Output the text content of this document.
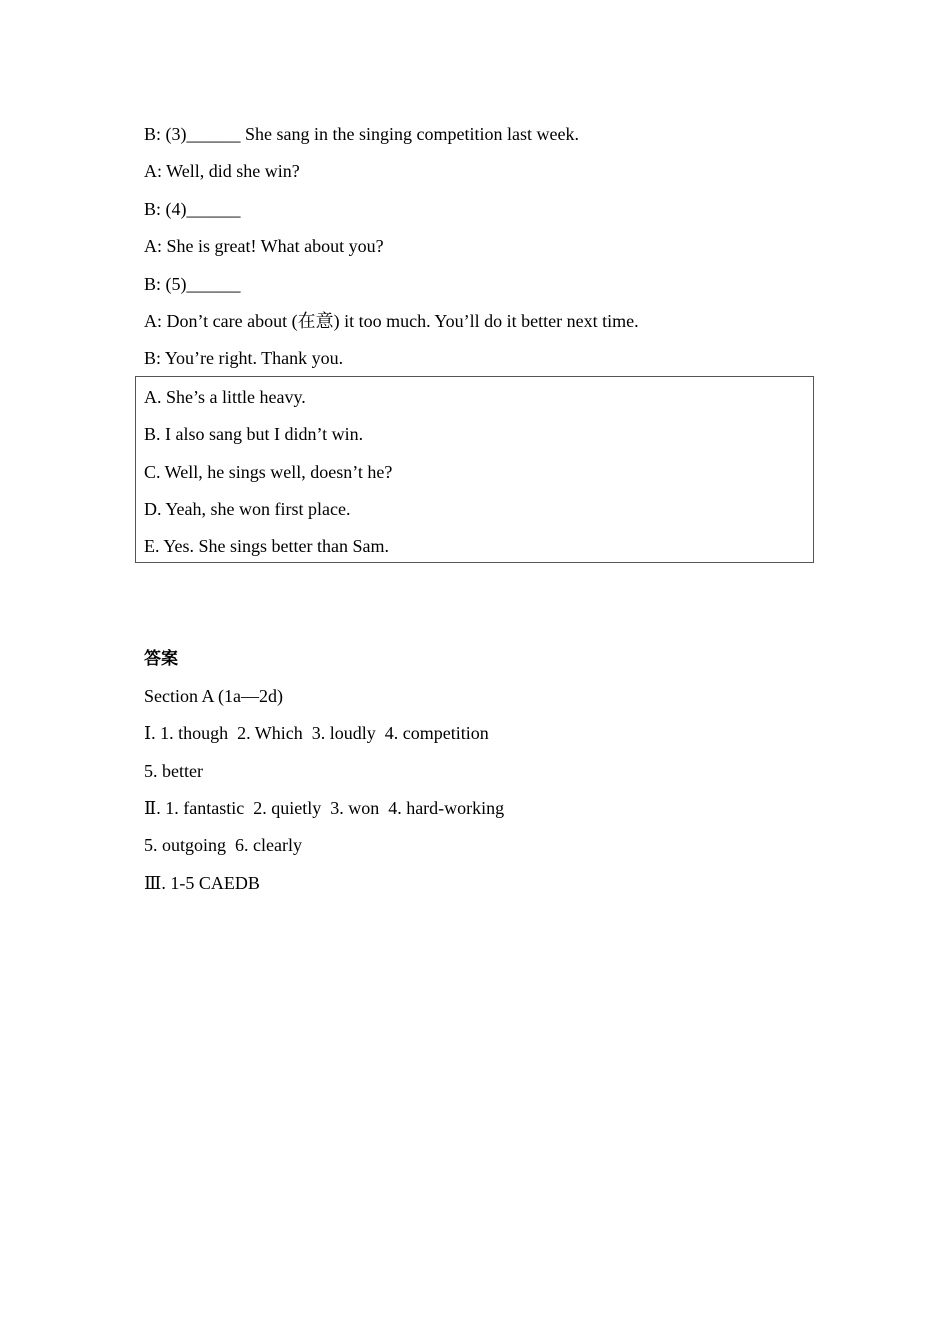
B: (3)______ She sang in the singing competition last week.
A: Well, did she win?
B: (4)______
A: She is great! What about you?
B: (5)______
A: Don’t care about (在意) it too much. You’ll do it better next time.
B: You’re right. Thank you.
A. She’s a little heavy.
B. I also sang but I didn’t win.
C. Well, he sings well, doesn’t he?
D. Yeah, she won first place.
E. Yes. She sings better than Sam.
答案
Section A (1a—2d)
Ⅰ. 1. though  2. Which  3. loudly  4. competition
5. better
Ⅱ. 1. fantastic  2. quietly  3. won  4. hard-working
5. outgoing  6. clearly
Ⅲ. 1-5 CAEDB
